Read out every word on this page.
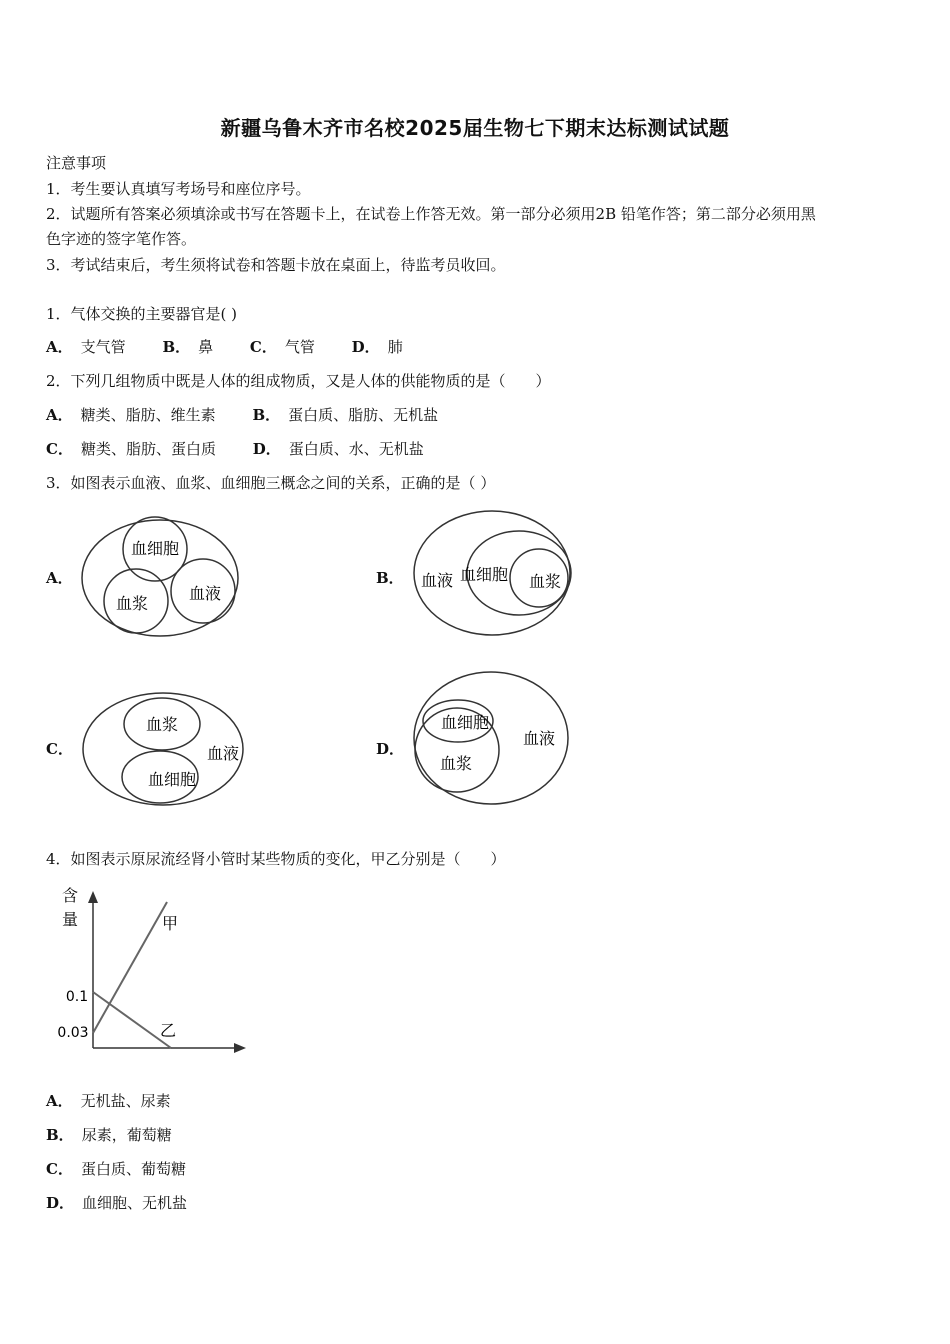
新疆乌鲁木齐市名校2025届生物七下期末达标测试试题
注意事项
1．考生要认真填写考场号和座位序号。
2．试题所有答案必须填涂或书写在答题卡上，在试卷上作答无效。第一部分必须用2B 铅笔作答；第二部分必须用黑
色字迹的签字笔作答。
3．考试结束后，考生须将试卷和答题卡放在桌面上，待监考员收回。
1．气体交换的主要器官是( )
A． 支气管 B． 鼻 C． 气管 D． 肺
2．下列几组物质中既是人体的组成物质，又是人体的供能物质的是（　　）
A． 糖类、脂肪、维生素 B． 蛋白质、脂肪、无机盐
C． 糖类、脂肪、蛋白质 D． 蛋白质、水、无机盐
3．如图表示血液、血浆、血细胞三概念之间的关系，正确的是（ ）
A．
血细胞
血浆
血液
B． 血液 血细胞 血浆
C．
血浆
血细胞
血液	D．
血细胞
血浆
血液
4．如图表示原尿流经肾小管时某些物质的变化，甲乙分别是（　　）
含
量
0.1
0.03
甲
乙
A． 无机盐、尿素
B． 尿素，葡萄糖
C． 蛋白质、葡萄糖
D． 血细胞、无机盐
